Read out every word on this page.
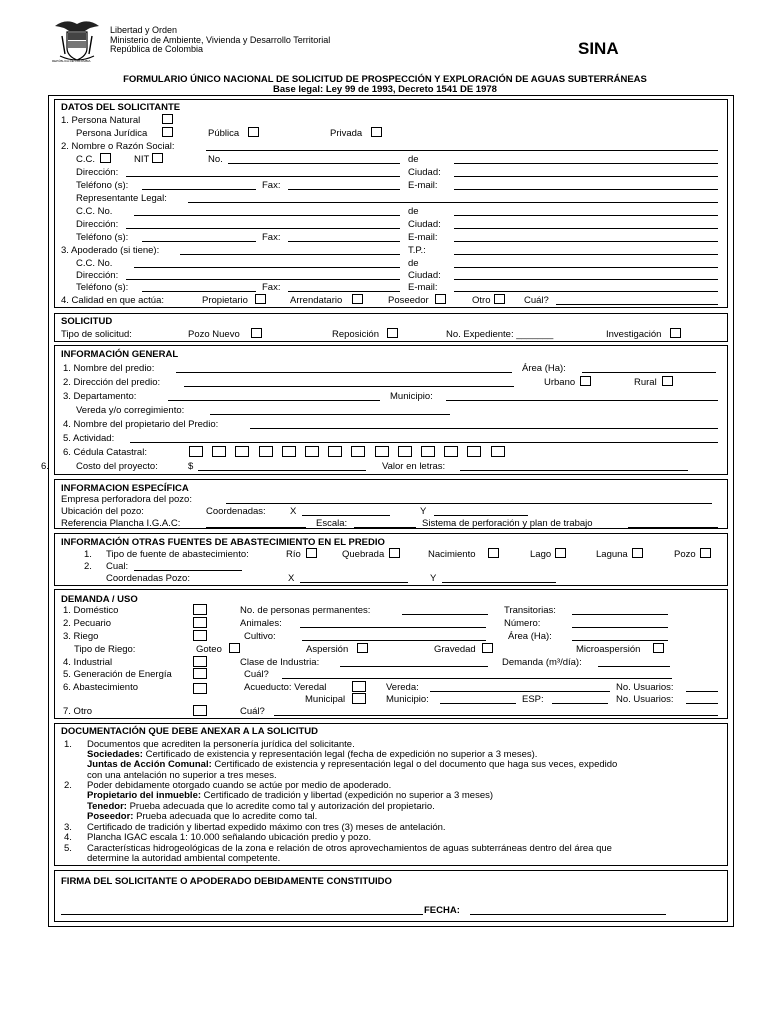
REPÚBLICA DE COLOMBIA
Libertad y Orden
Ministerio de Ambiente, Vivienda y Desarrollo Territorial
República de Colombia	SINA
FORMULARIO ÚNICO NACIONAL DE SOLICITUD DE PROSPECCIÓN Y EXPLORACIÓN DE AGUAS SUBTERRÁNEAS
Base legal: Ley 99 de 1993, Decreto 1541 DE 1978
DATOS DEL SOLICITANTE
1. Persona Natural
Persona Jurídica	Pública	Privada
2. Nombre o Razón Social:
C.C.	NIT	No.	de
Dirección:	Ciudad:
Teléfono (s):	Fax:	E-mail:
Representante Legal:
C.C. No.	de
Dirección:	Ciudad:
Teléfono (s):	Fax:	E-mail:
3. Apoderado (si tiene):	T.P.:
C.C. No.	de
Dirección:	Ciudad:
Teléfono (s):	Fax:	E-mail:
4. Calidad en que actúa:	Propietario	Arrendatario	Poseedor	Otro	Cuál?
SOLICITUD
Tipo de solicitud:	Pozo Nuevo	Reposición	No. Expediente: _______	Investigación
INFORMACIÓN GENERAL
1. Nombre del predio:	Área (Ha):
2. Dirección del predio:	Urbano	Rural
3. Departamento:	Municipio:
Vereda y/o corregimiento:
4. Nombre del propietario del Predio:
5. Actividad:
6. Cédula Catastral:
6.	Costo del proyecto:	$	Valor en letras:
INFORMACION ESPECÍFICA
Empresa perforadora del pozo:
Ubicación del pozo:	Coordenadas:	X	Y
Referencia Plancha I.G.A.C:	Escala:	Sistema de perforación y plan de trabajo
INFORMACIÓN OTRAS FUENTES DE ABASTECIMIENTO EN EL PREDIO
1. Tipo de fuente de abastecimiento:	Río	Quebrada	Nacimiento	Lago	Laguna	Pozo
2. Cual:
Coordenadas Pozo:	X	Y
DEMANDA / USO
1. Doméstico	No. de personas permanentes:	Transitorias:
2. Pecuario	Animales:	Número:
3. Riego	Cultivo:	Área (Ha):
Tipo de Riego:	Goteo	Aspersión	Gravedad	Microaspersión
4. Industrial	Clase de Industria:	Demanda (m³/día):
5. Generación de Energía	Cuál?
6. Abastecimiento	Acueducto: Veredal	Vereda:	No. Usuarios:
Municipal	Municipio:	ESP:	No. Usuarios:
7. Otro	Cuál?
DOCUMENTACIÓN QUE DEBE ANEXAR A LA SOLICITUD
1. Documentos que acrediten la personería jurídica del solicitante.
Sociedades: Certificado de existencia y representación legal (fecha de expedición no superior a 3 meses).
Juntas de Acción Comunal: Certificado de existencia y representación legal o del documento que haga sus veces, expedido
con una antelación no superior a tres meses.
2. Poder debidamente otorgado cuando se actúe por medio de apoderado.
Propietario del inmueble: Certificado de tradición y libertad (expedición no superior a 3 meses)
Tenedor: Prueba adecuada que lo acredite como tal y autorización del propietario.
Poseedor: Prueba adecuada que lo acredite como tal.
3. Certificado de tradición y libertad expedido máximo con tres (3) meses de antelación.
4. Plancha IGAC escala 1: 10.000 señalando ubicación predio y pozo.
5. Características hidrogeológicas de la zona e relación de otros aprovechamientos de aguas subterráneas dentro del área que
determine la autoridad ambiental competente.
FIRMA DEL SOLICITANTE O APODERADO DEBIDAMENTE CONSTITUIDO
FECHA:
